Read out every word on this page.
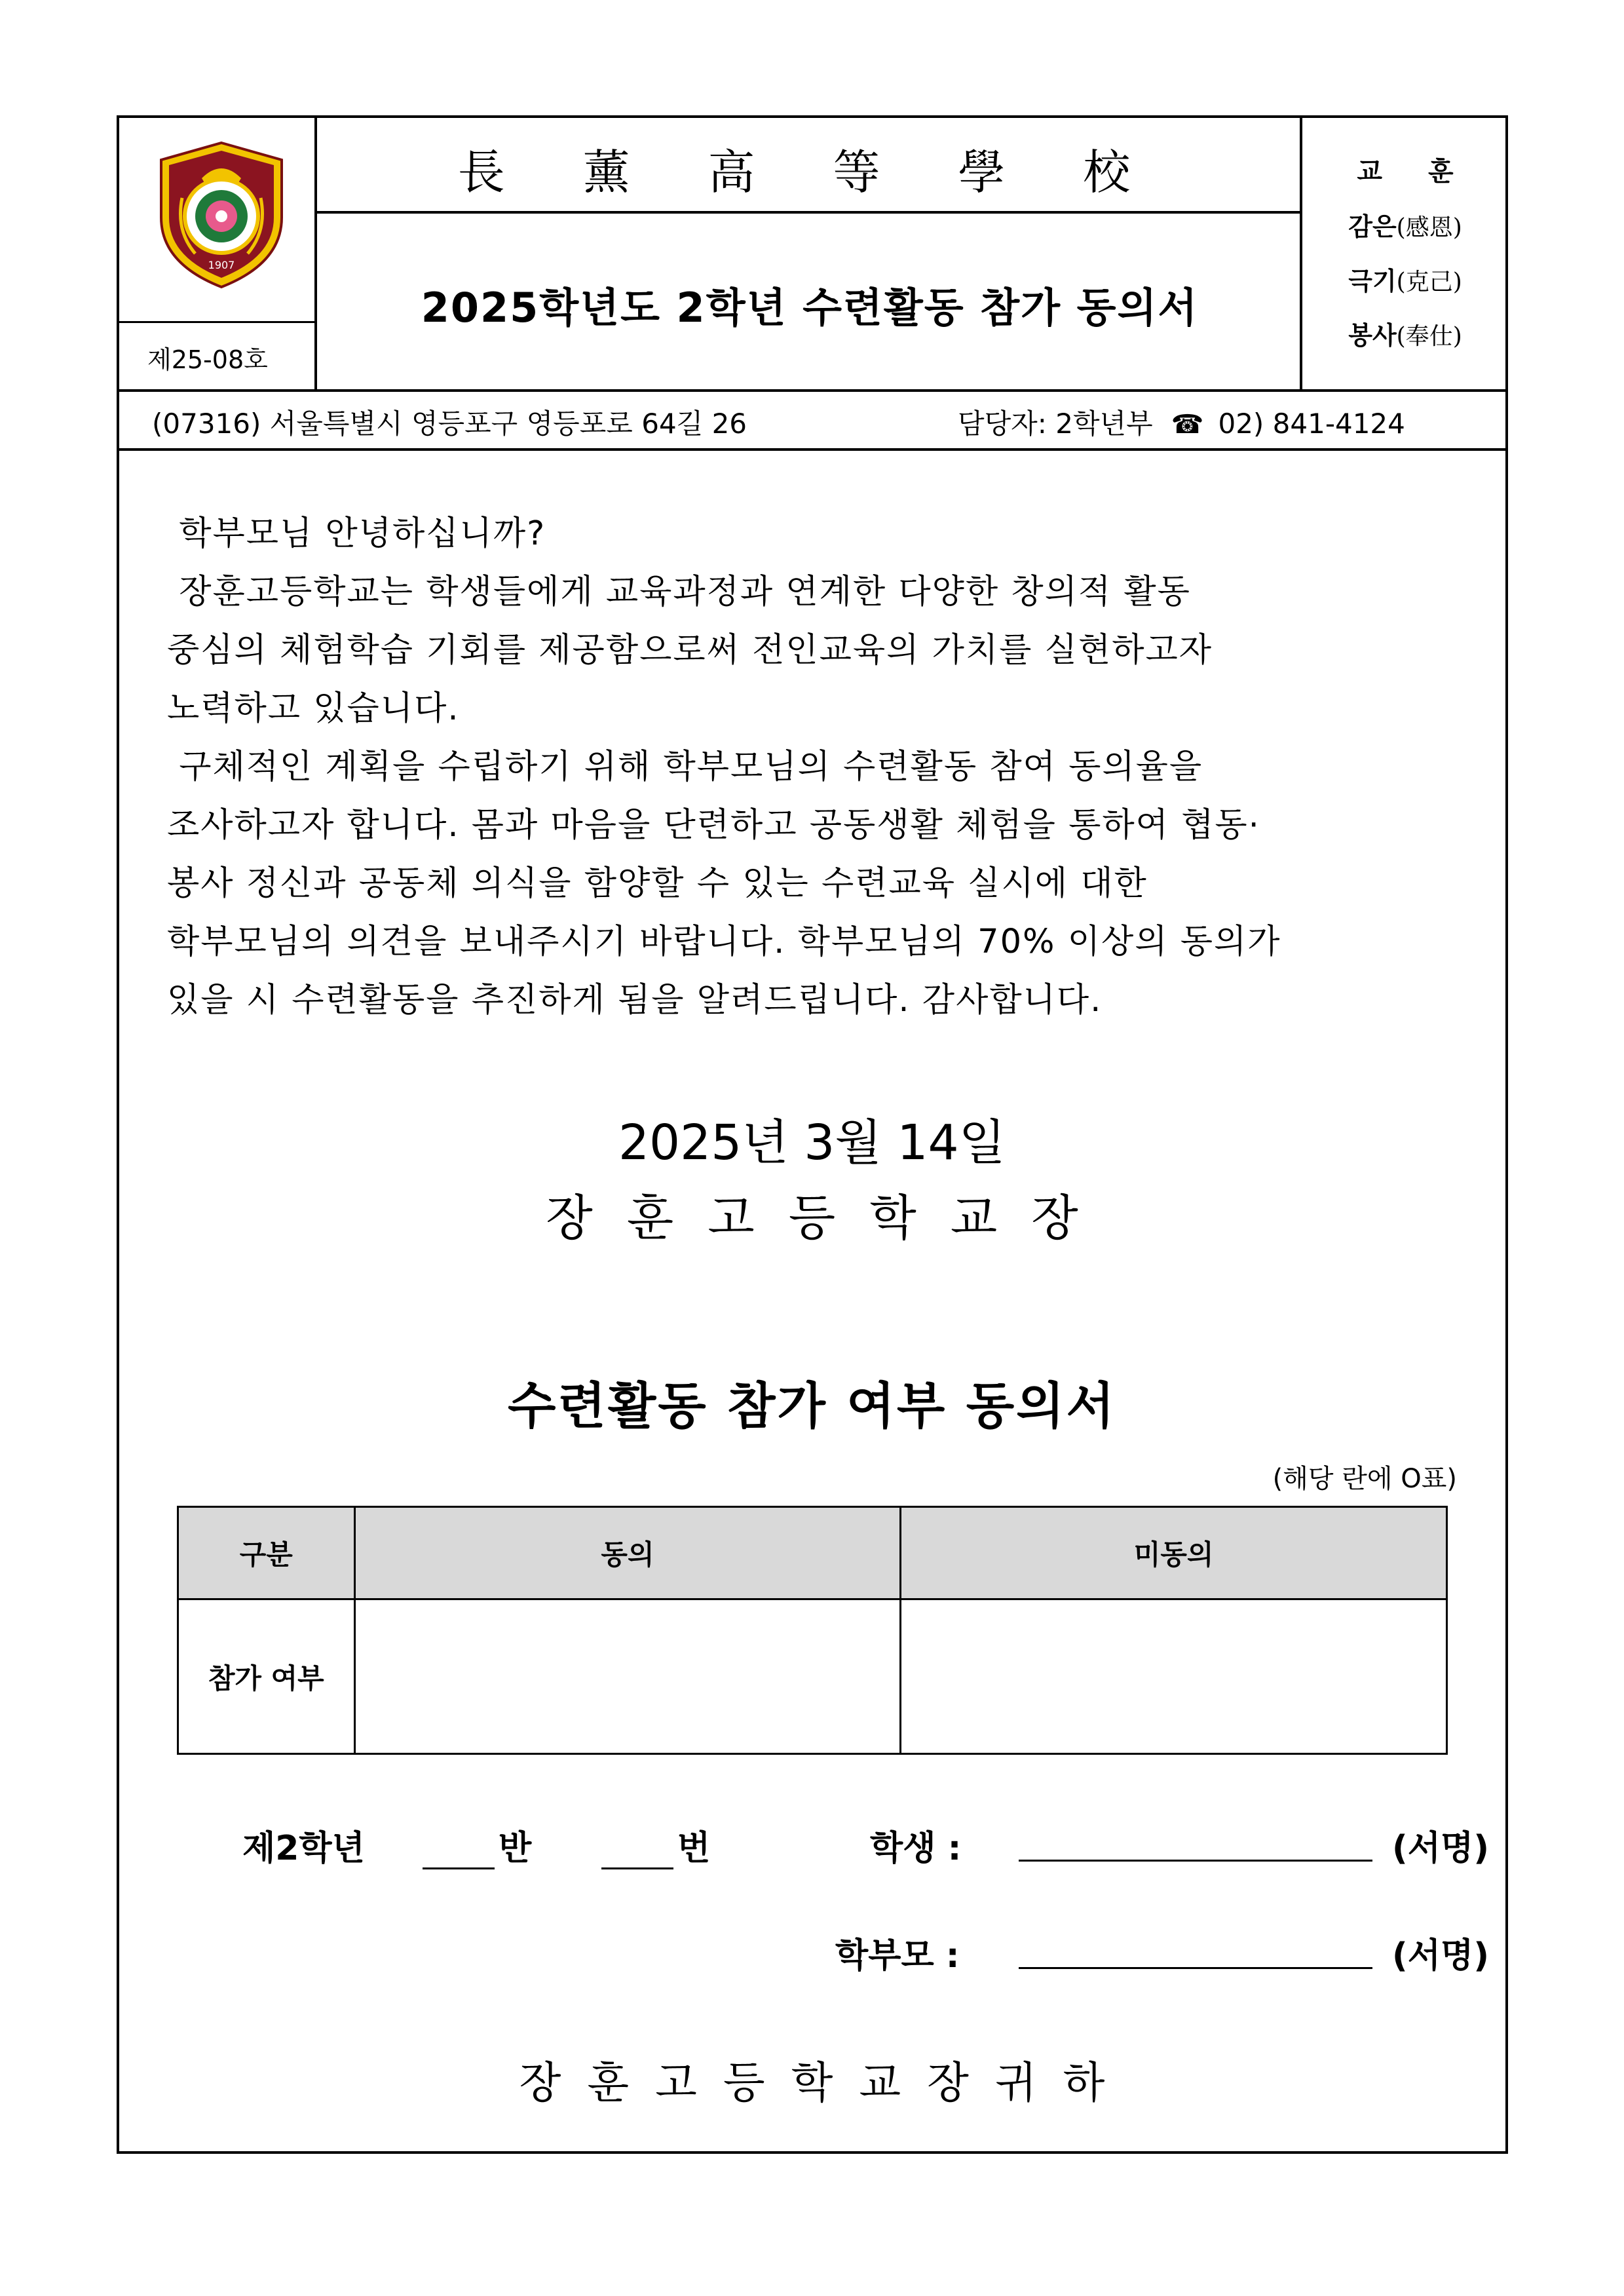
1907
제25-08호
長 薰 高 等 學 校
2025학년도 2학년 수련활동 참가 동의서
교 훈
감은(感恩)
극기(克己)
봉사(奉仕)
(07316) 서울특별시 영등포구 영등포로 64길 26	담당자: 2학년부 ☎ 02) 841-4124

학부모님 안녕하십니까?

장훈고등학교는 학생들에게 교육과정과 연계한 다양한 창의적 활동

중심의 체험학습 기회를 제공함으로써 전인교육의 가치를 실현하고자

노력하고 있습니다.

구체적인 계획을 수립하기 위해 학부모님의 수련활동 참여 동의율을

조사하고자 합니다. 몸과 마음을 단련하고 공동생활 체험을 통하여 협동·

봉사 정신과 공동체 의식을 함양할 수 있는 수련교육 실시에 대한

학부모님의 의견을 보내주시기 바랍니다. 학부모님의 70% 이상의 동의가

있을 시 수련활동을 추진하게 됨을 알려드립니다. 감사합니다.

2025년 3월 14일
장훈고등학교장
수련활동 참가 여부 동의서
(해당 란에 O표)
구분	동의	미동의
참가 여부		
제2학년	반	번	학생 :	(서명)
학부모 :	(서명)
장훈고등학교장귀하
